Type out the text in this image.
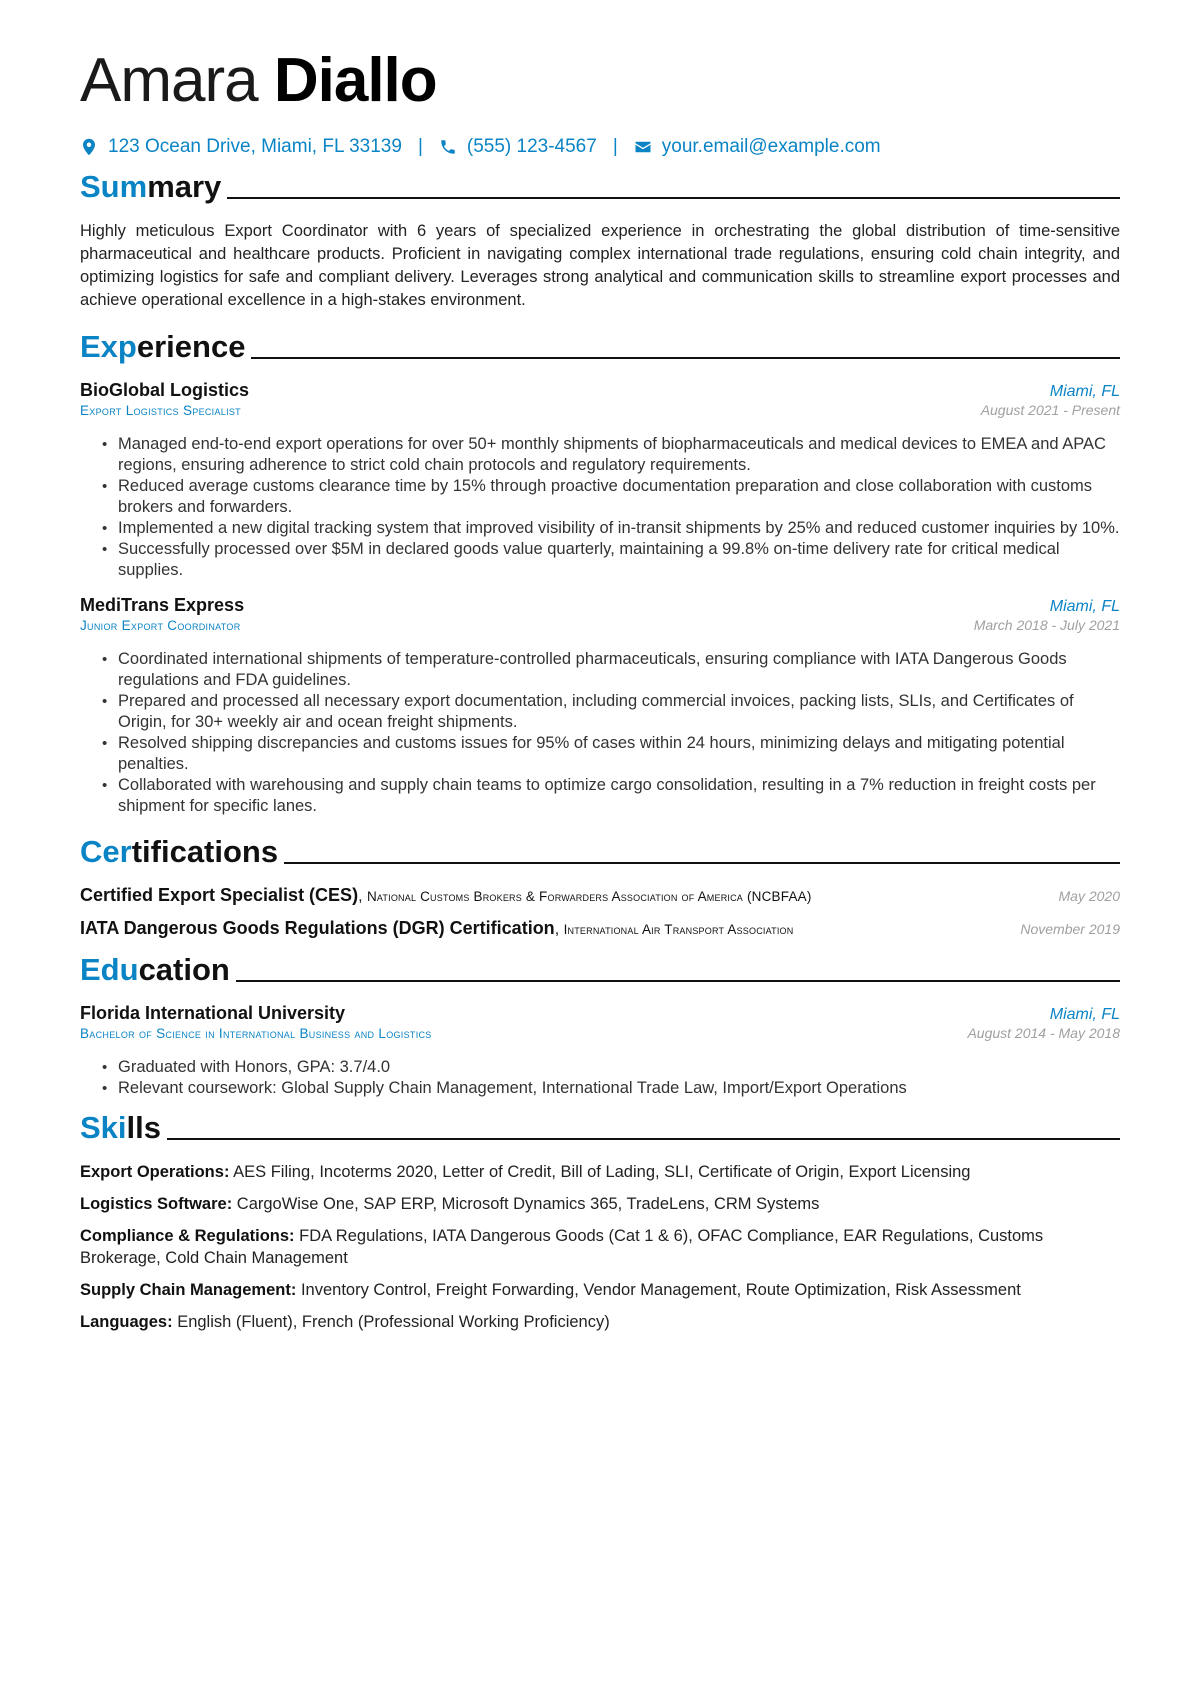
Amara Diallo
123 Ocean Drive, Miami, FL 33139 | (555) 123-4567 | your.email@example.com
Summary
Highly meticulous Export Coordinator with 6 years of specialized experience in orchestrating the global distribution of time-sensitive pharmaceutical and healthcare products. Proficient in navigating complex international trade regulations, ensuring cold chain integrity, and optimizing logistics for safe and compliant delivery. Leverages strong analytical and communication skills to streamline export processes and achieve operational excellence in a high-stakes environment.
Experience
BioGlobal Logistics	Miami, FL
Export Logistics Specialist	August 2021 - Present
• Managed end-to-end export operations for over 50+ monthly shipments of biopharmaceuticals and medical devices to EMEA and APAC regions, ensuring adherence to strict cold chain protocols and regulatory requirements.
• Reduced average customs clearance time by 15% through proactive documentation preparation and close collaboration with customs brokers and forwarders.
• Implemented a new digital tracking system that improved visibility of in-transit shipments by 25% and reduced customer inquiries by 10%.
• Successfully processed over $5M in declared goods value quarterly, maintaining a 99.8% on-time delivery rate for critical medical supplies.
MediTrans Express	Miami, FL
Junior Export Coordinator	March 2018 - July 2021
• Coordinated international shipments of temperature-controlled pharmaceuticals, ensuring compliance with IATA Dangerous Goods regulations and FDA guidelines.
• Prepared and processed all necessary export documentation, including commercial invoices, packing lists, SLIs, and Certificates of Origin, for 30+ weekly air and ocean freight shipments.
• Resolved shipping discrepancies and customs issues for 95% of cases within 24 hours, minimizing delays and mitigating potential penalties.
• Collaborated with warehousing and supply chain teams to optimize cargo consolidation, resulting in a 7% reduction in freight costs per shipment for specific lanes.
Certifications
Certified Export Specialist (CES), National Customs Brokers & Forwarders Association of America (NCBFAA)	May 2020
IATA Dangerous Goods Regulations (DGR) Certification, International Air Transport Association	November 2019
Education
Florida International University	Miami, FL
Bachelor of Science in International Business and Logistics	August 2014 - May 2018
• Graduated with Honors, GPA: 3.7/4.0
• Relevant coursework: Global Supply Chain Management, International Trade Law, Import/Export Operations
Skills
Export Operations: AES Filing, Incoterms 2020, Letter of Credit, Bill of Lading, SLI, Certificate of Origin, Export Licensing
Logistics Software: CargoWise One, SAP ERP, Microsoft Dynamics 365, TradeLens, CRM Systems
Compliance & Regulations: FDA Regulations, IATA Dangerous Goods (Cat 1 & 6), OFAC Compliance, EAR Regulations, Customs Brokerage, Cold Chain Management
Supply Chain Management: Inventory Control, Freight Forwarding, Vendor Management, Route Optimization, Risk Assessment
Languages: English (Fluent), French (Professional Working Proficiency)
